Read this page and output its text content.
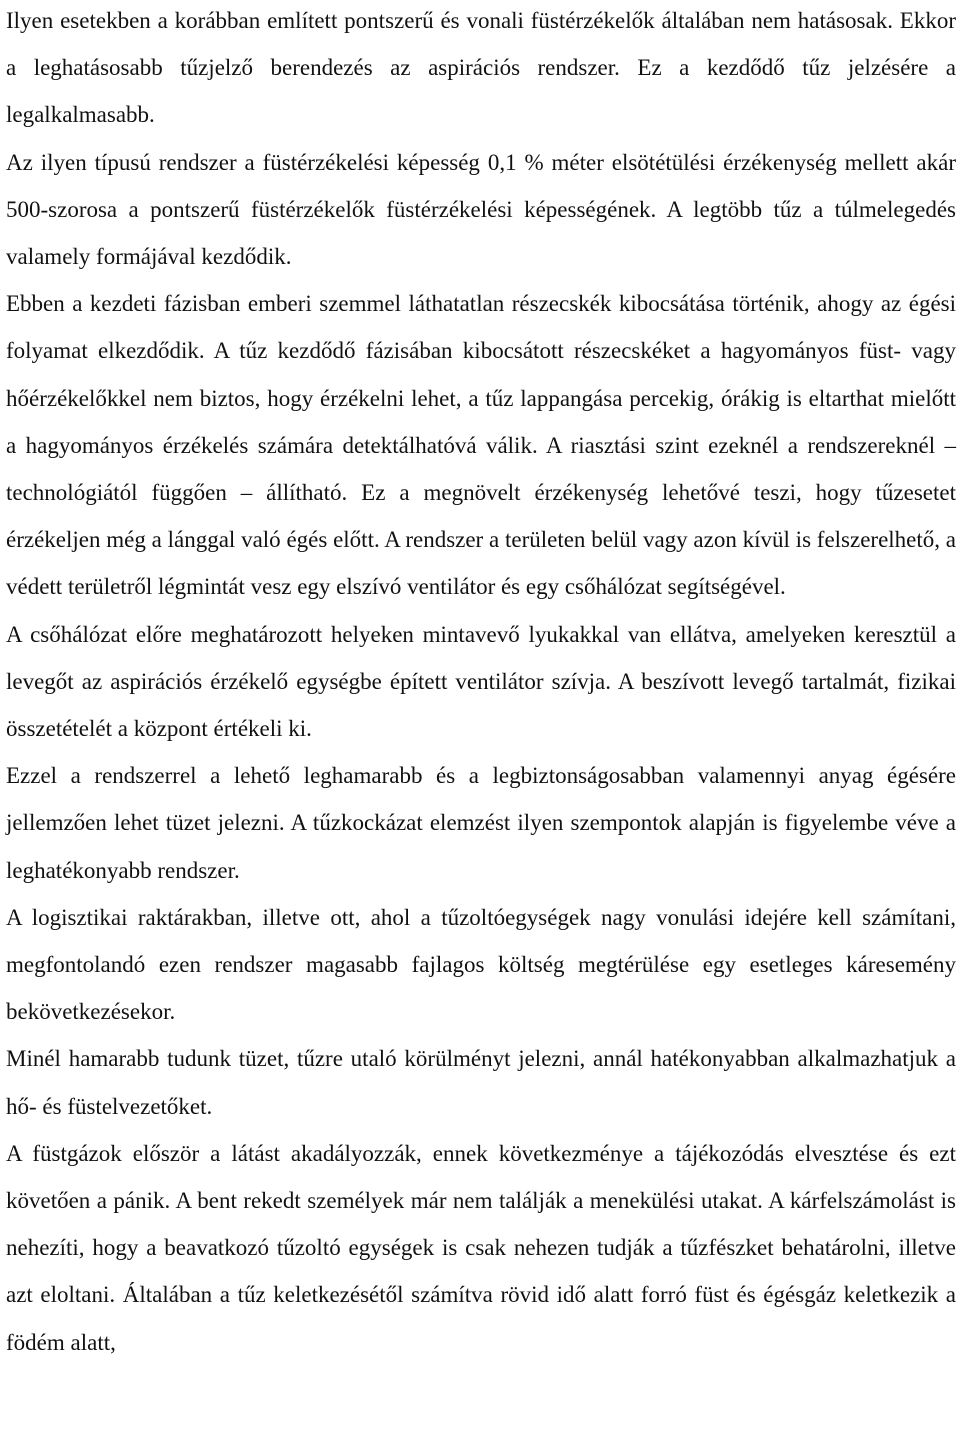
Ilyen esetekben a korábban említett pontszerű és vonali füstérzékelők általában nem hatásosak. Ekkor a leghatásosabb tűzjelző berendezés az aspirációs rendszer. Ez a kezdődő tűz jelzésére a legalkalmasabb.

Az ilyen típusú rendszer a füstérzékelési képesség 0,1 % méter elsötétülési érzékenység mellett akár 500-szorosa a pontszerű füstérzékelők füstérzékelési képességének. A legtöbb tűz a túlmelegedés valamely formájával kezdődik.

Ebben a kezdeti fázisban emberi szemmel láthatatlan részecskék kibocsátása történik, ahogy az égési folyamat elkezdődik. A tűz kezdődő fázisában kibocsátott részecskéket a hagyományos füst- vagy hőérzékelőkkel nem biztos, hogy érzékelni lehet, a tűz lappangása percekig, órákig is eltarthat mielőtt a hagyományos érzékelés számára detektálhatóvá válik. A riasztási szint ezeknél a rendszereknél – technológiától függően – állítható. Ez a megnövelt érzékenység lehetővé teszi, hogy tűzesetet érzékeljen még a lánggal való égés előtt. A rendszer a területen belül vagy azon kívül is felszerelhető, a védett területről légmintát vesz egy elszívó ventilátor és egy csőhálózat segítségével.

A csőhálózat előre meghatározott helyeken mintavevő lyukakkal van ellátva, amelyeken keresztül a levegőt az aspirációs érzékelő egységbe épített ventilátor szívja. A beszívott levegő tartalmát, fizikai összetételét a központ értékeli ki.

Ezzel a rendszerrel a lehető leghamarabb és a legbiztonságosabban valamennyi anyag égésére jellemzően lehet tüzet jelezni. A tűzkockázat elemzést ilyen szempontok alapján is figyelembe véve a leghatékonyabb rendszer.

A logisztikai raktárakban, illetve ott, ahol a tűzoltóegységek nagy vonulási idejére kell számítani, megfontolandó ezen rendszer magasabb fajlagos költség megtérülése egy esetleges káresemény bekövetkezésekor.

Minél hamarabb tudunk tüzet, tűzre utaló körülményt jelezni, annál hatékonyabban alkalmazhatjuk a hő- és füstelvezetőket.

A füstgázok először a látást akadályozzák, ennek következménye a tájékozódás elvesztése és ezt követően a pánik. A bent rekedt személyek már nem találják a menekülési utakat. A kárfelszámolást is nehezíti, hogy a beavatkozó tűzoltó egységek is csak nehezen tudják a tűzfészket behatárolni, illetve azt eloltani. Általában a tűz keletkezésétől számítva rövid idő alatt forró füst és égésgáz keletkezik a födém alatt,
